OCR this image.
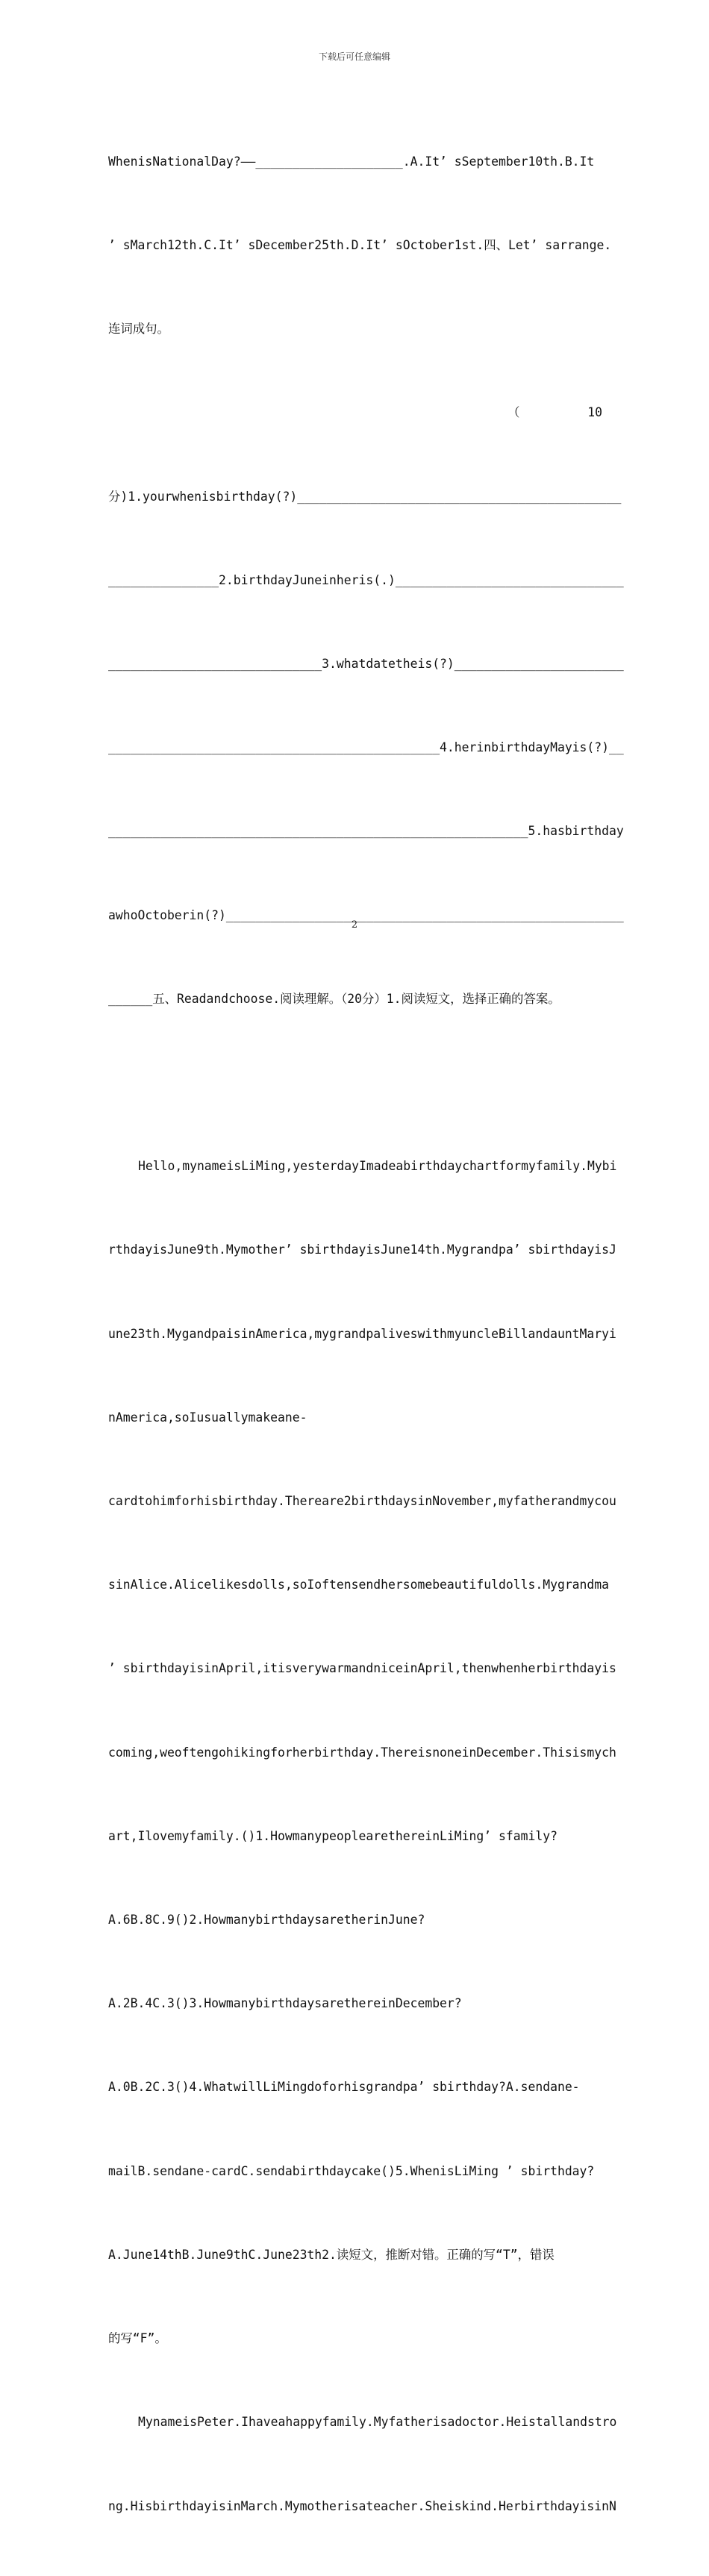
下载后可任意编辑

WhenisNationalDay?——____________________.A.It’ sSeptember10th.B.It

’ sMarch12th.C.It’ sDecember25th.D.It’ sOctober1st.四、Let’ sarrange.

连词成句。

（	10

分)1.yourwhenisbirthday(?)____________________________________________

_______________2.birthdayJuneinheris(.)_______________________________

_____________________________3.whatdatetheis(?)_______________________

_____________________________________________4.herinbirthdayMayis(?)__

_________________________________________________________5.hasbirthday

awhoOctoberin(?)______________________________________________________

______五、Readandchoose.阅读理解。（20分）1.阅读短文，选择正确的答案。

Hello,mynameisLiMing,yesterdayImadeabirthdaychartformyfamily.Mybi

rthdayisJune9th.Mymother’ sbirthdayisJune14th.Mygrandpa’ sbirthdayisJ

une23th.MygandpaisinAmerica,mygrandpaliveswithmyuncleBillandauntMaryi

nAmerica,soIusuallymakeane-

cardtohimforhisbirthday.Thereare2birthdaysinNovember,myfatherandmycou

sinAlice.Alicelikesdolls,soIoftensendhersomebeautifuldolls.Mygrandma

’ sbirthdayisinApril,itisverywarmandniceinApril,thenwhenherbirthdayis

coming,weoftengohikingforherbirthday.ThereisnoneinDecember.Thisismych

art,Ilovemyfamily.()1.HowmanypeoplearethereinLiMing’ sfamily?

A.6B.8C.9()2.HowmanybirthdaysaretherinJune?

A.2B.4C.3()3.HowmanybirthdaysarethereinDecember?

A.0B.2C.3()4.WhatwillLiMingdoforhisgrandpa’ sbirthday?A.sendane-

mailB.sendane-cardC.sendabirthdaycake()5.WhenisLiMing ’ sbirthday?

A.June14thB.June9thC.June23th2.读短文，推断对错。正确的写“T”，错误

的写“F”。

MynameisPeter.Ihaveahappyfamily.Myfatherisadoctor.Heistallandstro

ng.HisbirthdayisinMarch.Mymotherisateacher.Sheiskind.HerbirthdayisinN

2
